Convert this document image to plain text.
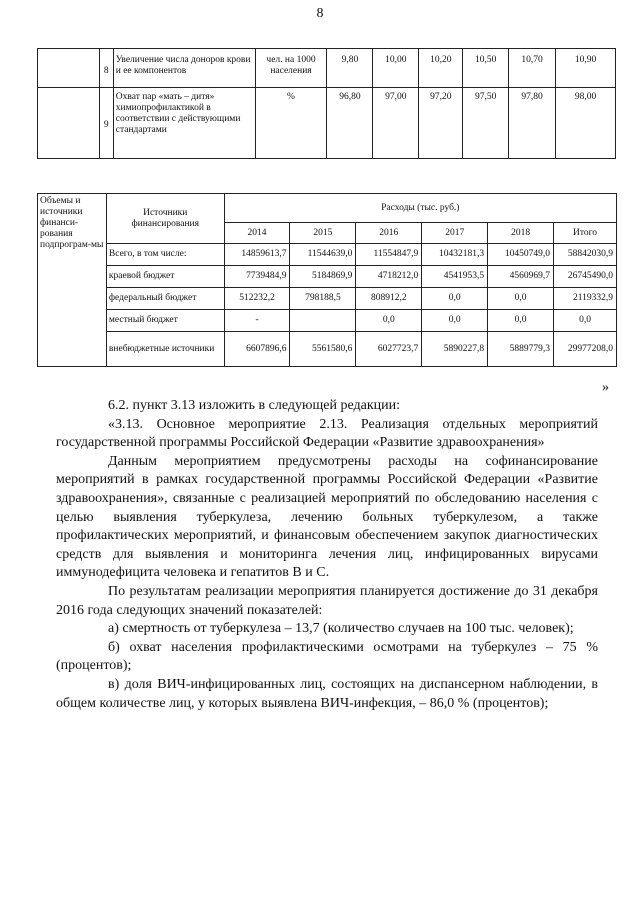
8
	8	Увеличение числа доноров крови и ее компонентов	чел. на 1000 населения	9,80	10,00	10,20	10,50	10,70	10,90
	9	Охват пар «мать – дитя» химиопрофилактикой в соответствии с действующими стандартами	%	96,80	97,00	97,20	97,50	97,80	98,00
Объемы и источники финанси-рования подпрограм-мы	Источники финансирования	Расходы (тыс. руб.)					
		2014	2015	2016	2017	2018	Итого
	Всего, в том числе:	14859613,7	11544639,0	11554847,9	10432181,3	10450749,0	58842030,9
	краевой бюджет	7739484,9	5184869,9	4718212,0	4541953,5	4560969,7	26745490,0
	федеральный бюджет	512232,2	798188,5	808912,2	0,0	0,0	2119332,9
	местный бюджет	-		0,0	0,0	0,0	0,0
	внебюджетные источники	6607896,6	5561580,6	6027723,7	5890227,8	5889779,3	29977208,0
»

6.2. пункт 3.13 изложить в следующей редакции:

«3.13. Основное мероприятие 2.13. Реализация отдельных мероприятий государственной программы Российской Федерации «Развитие здравоохранения»

Данным мероприятием предусмотрены расходы на софинансирование мероприятий в рамках государственной программы Российской Федерации «Развитие здравоохранения», связанные с реализацией мероприятий по обследованию населения с целью выявления туберкулеза, лечению больных туберкулезом, а также профилактических мероприятий, и финансовым обеспечением закупок диагностических средств для выявления и мониторинга лечения лиц, инфицированных вирусами иммунодефицита человека и гепатитов В и С.

По результатам реализации мероприятия планируется достижение до 31 декабря 2016 года следующих значений показателей:

а) смертность от туберкулеза – 13,7 (количество случаев на 100 тыс. человек);

б) охват населения профилактическими осмотрами на туберкулез – 75 % (процентов);

в) доля ВИЧ-инфицированных лиц, состоящих на диспансерном наблюдении, в общем количестве лиц, у которых выявлена ВИЧ-инфекция, – 86,0 % (процентов);
